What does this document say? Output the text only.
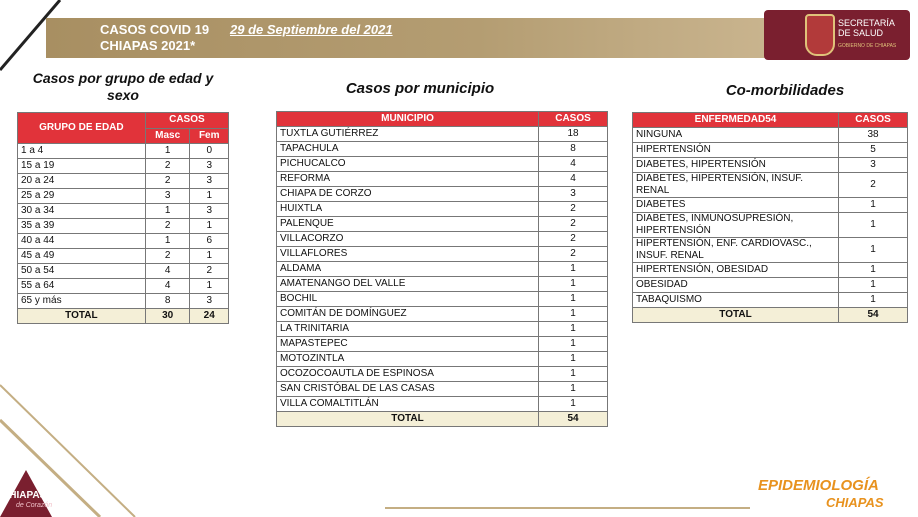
CASOS COVID 19
CHIAPAS 2021*
29 de Septiembre del 2021	SECRETARÍA
DE SALUD
GOBIERNO DE CHIAPAS
Casos por grupo de edad y sexo
GRUPO DE EDAD	CASOS	
	Masc	Fem
1 a 4	1	0
15 a 19	2	3
20 a 24	2	3
25 a 29	3	1
30 a 34	1	3
35 a 39	2	1
40 a 44	1	6
45 a 49	2	1
50 a 54	4	2
55 a 64	4	1
65 y más	8	3
TOTAL	30	24
Casos por municipio
MUNICIPIO	CASOS
TUXTLA GUTIÉRREZ	18
TAPACHULA	8
PICHUCALCO	4
REFORMA	4
CHIAPA DE CORZO	3
HUIXTLA	2
PALENQUE	2
VILLACORZO	2
VILLAFLORES	2
ALDAMA	1
AMATENANGO DEL VALLE	1
BOCHIL	1
COMITÁN DE DOMÍNGUEZ	1
LA TRINITARIA	1
MAPASTEPEC	1
MOTOZINTLA	1
OCOZOCOAUTLA DE ESPINOSA	1
SAN CRISTÓBAL DE LAS CASAS	1
VILLA COMALTITLÁN	1
TOTAL	54
Co-morbilidades
ENFERMEDAD54	CASOS
NINGUNA	38
HIPERTENSIÓN	5
DIABETES, HIPERTENSIÓN	3
DIABETES, HIPERTENSIÓN, INSUF. RENAL	2
DIABETES	1
DIABETES, INMUNOSUPRESIÓN, HIPERTENSIÓN	1
HIPERTENSIÓN, ENF. CARDIOVASC., INSUF. RENAL	1
HIPERTENSIÓN, OBESIDAD	1
OBESIDAD	1
TABAQUISMO	1
TOTAL	54
CHIAPAS
de Corazón
EPIDEMIOLOGÍA
CHIAPAS
